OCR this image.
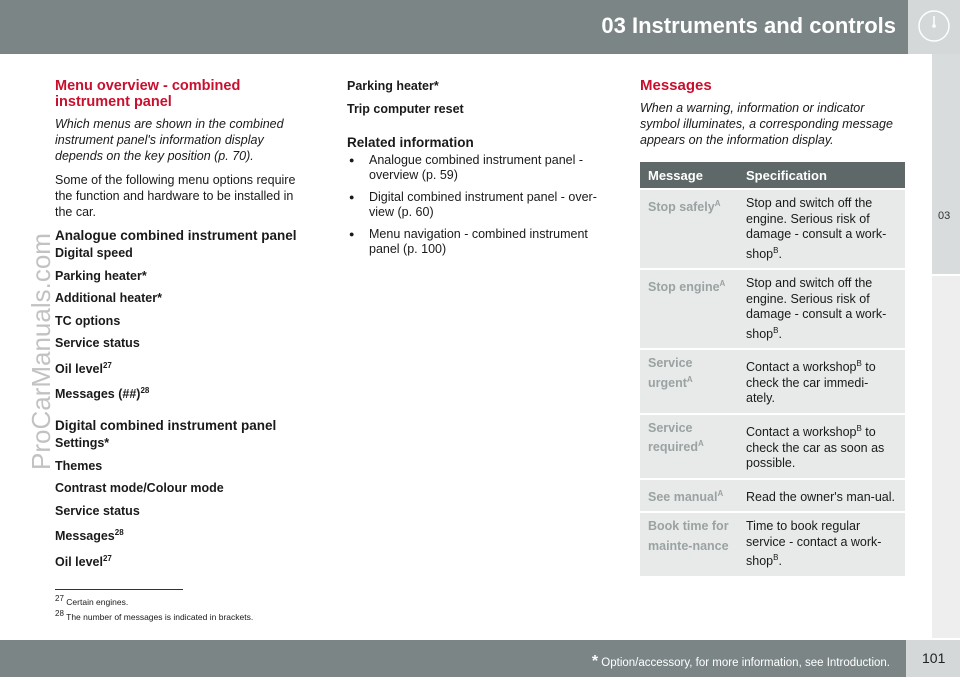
03 Instruments and controls
03
ProCarManuals.com
Menu overview - combined instrument panel
Which menus are shown in the combined instrument panel's information display depends on the key position (p. 70).
Some of the following menu options require the function and hardware to be installed in the car.
Analogue combined instrument panel
Digital speed
Parking heater*
Additional heater*
TC options
Service status
Oil level$^{27}$
Messages (##)$^{28}$
Digital combined instrument panel
Settings*
Themes
Contrast mode/Colour mode
Service status
Messages$^{28}$
Oil level$^{27}$
Parking heater*
Trip computer reset
Related information
● Analogue combined instrument panel - overview (p. 59)
● Digital combined instrument panel - over-view (p. 60)
● Menu navigation - combined instrument panel (p. 100)
Messages
When a warning, information or indicator symbol illuminates, a corresponding message appears on the information display.
Message	Specification
Stop safely$^A$	Stop and switch off the engine. Serious risk of damage - consult a work-shop$^B$.
Stop engine$^A$	Stop and switch off the engine. Serious risk of damage - consult a work-shop$^B$.
Service urgent$^A$	Contact a workshop$^B$ to check the car immedi-ately.
Service required$^A$	Contact a workshop$^B$ to check the car as soon as possible.
See manual$^A$	Read the owner's man-ual.
Book time for mainte-nance	Time to book regular service - contact a work-shop$^B$.
$^{27}$ Certain engines.
$^{28}$ The number of messages is indicated in brackets.
* Option/accessory, for more information, see Introduction. 101
